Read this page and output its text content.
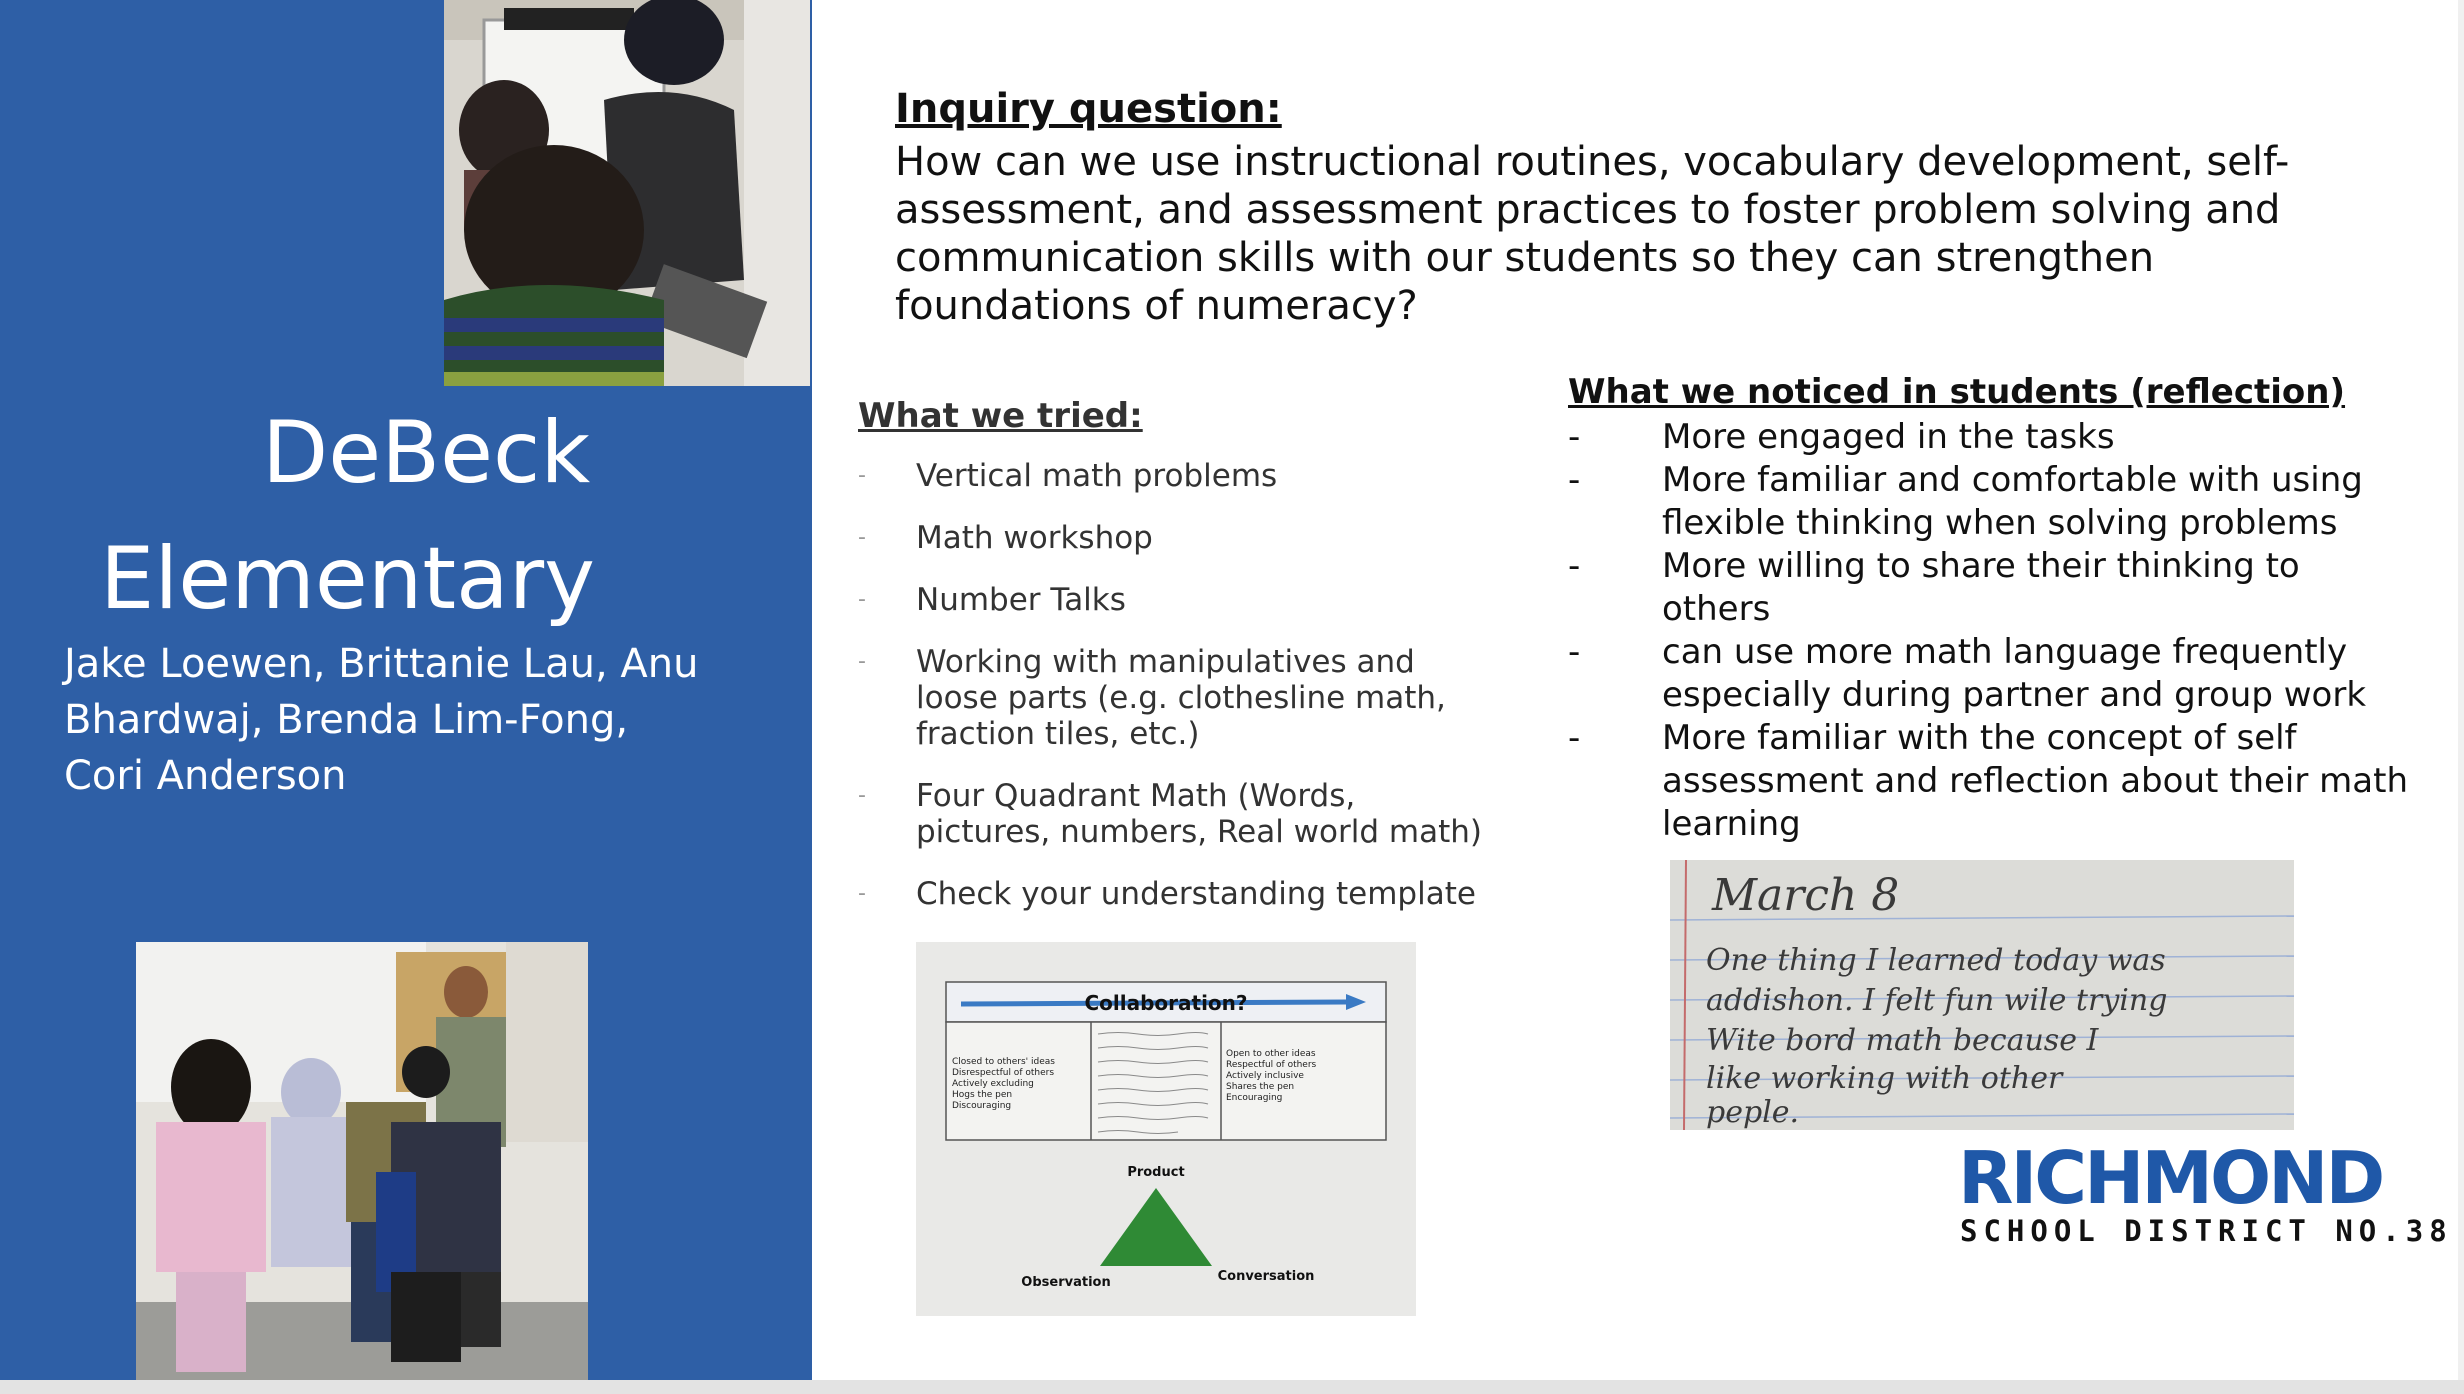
DeBeck
Elementary
Jake Loewen, Brittanie Lau, Anu Bhardwaj, Brenda Lim-Fong, Cori Anderson
Inquiry question:
How can we use instructional routines, vocabulary development, self-assessment, and assessment practices to foster problem solving and communication skills with our students so they can strengthen foundations of numeracy?
What we tried:
- Vertical math problems
- Math workshop
- Number Talks
- Working with manipulatives and loose parts (e.g. clothesline math, fraction tiles, etc.)
- Four Quadrant Math (Words, pictures, numbers, Real world math)
- Check your understanding template
What we noticed in students (reflection)
- More engaged in the tasks
- More familiar and comfortable with using flexible thinking when solving problems
- More willing to share their thinking to others
- can use more math language frequently especially during partner and group work
- More familiar with the concept of self assessment and reflection about their math learning
Collaboration?
Closed to others' ideas
Disrespectful of others
Actively excluding
Hogs the pen
Discouraging
Open to other ideas
Respectful of others
Actively inclusive
Shares the pen
Encouraging
Product
Observation	Conversation
March 8
One thing I learned today was
addishon. I felt fun wile trying
Wite bord math because I
like working with other
peple.
RICHMOND
SCHOOL DISTRICT NO.38
